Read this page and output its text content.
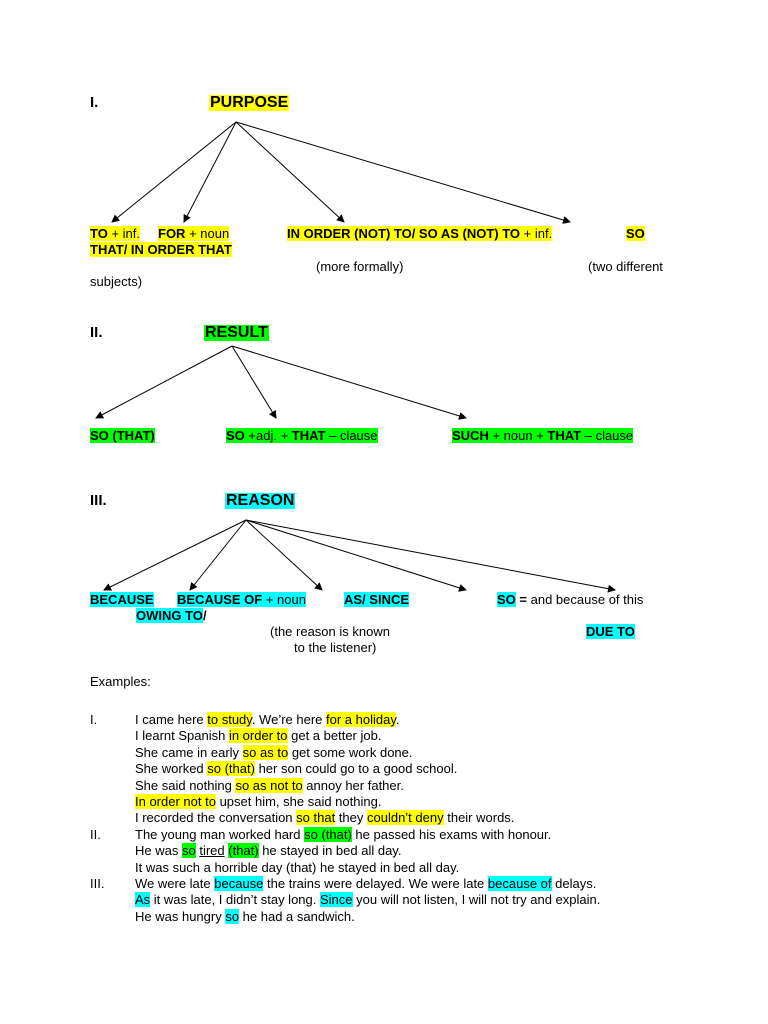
I.	PURPOSE
TO + inf. FOR + noun	IN ORDER (NOT) TO/ SO AS (NOT) TO + inf.	SO
THAT/ IN ORDER THAT
(more formally)	(two different
subjects)
II.	RESULT
SO (THAT)	SO +adj. + THAT – clause	SUCH + noun + THAT – clause
III.	REASON
BECAUSE BECAUSE OF + noun
OWING TO/
AS/ SINCE	SO = and because of this
(the reason is known
to the listener)
DUE TO
Examples:
I.	I came here to study. We’re here for a holiday.
I learnt Spanish in order to get a better job.
She came in early so as to get some work done.
She worked so (that) her son could go to a good school.
She said nothing so as not to annoy her father.
In order not to upset him, she said nothing.
I recorded the conversation so that they couldn’t deny their words.
II.	The young man worked hard so (that) he passed his exams with honour.
He was so tired (that) he stayed in bed all day.
It was such a horrible day (that) he stayed in bed all day.
III. We were late because the trains were delayed. We were late because of delays.
As it was late, I didn’t stay long. Since you will not listen, I will not try and explain.
He was hungry so he had a sandwich.
